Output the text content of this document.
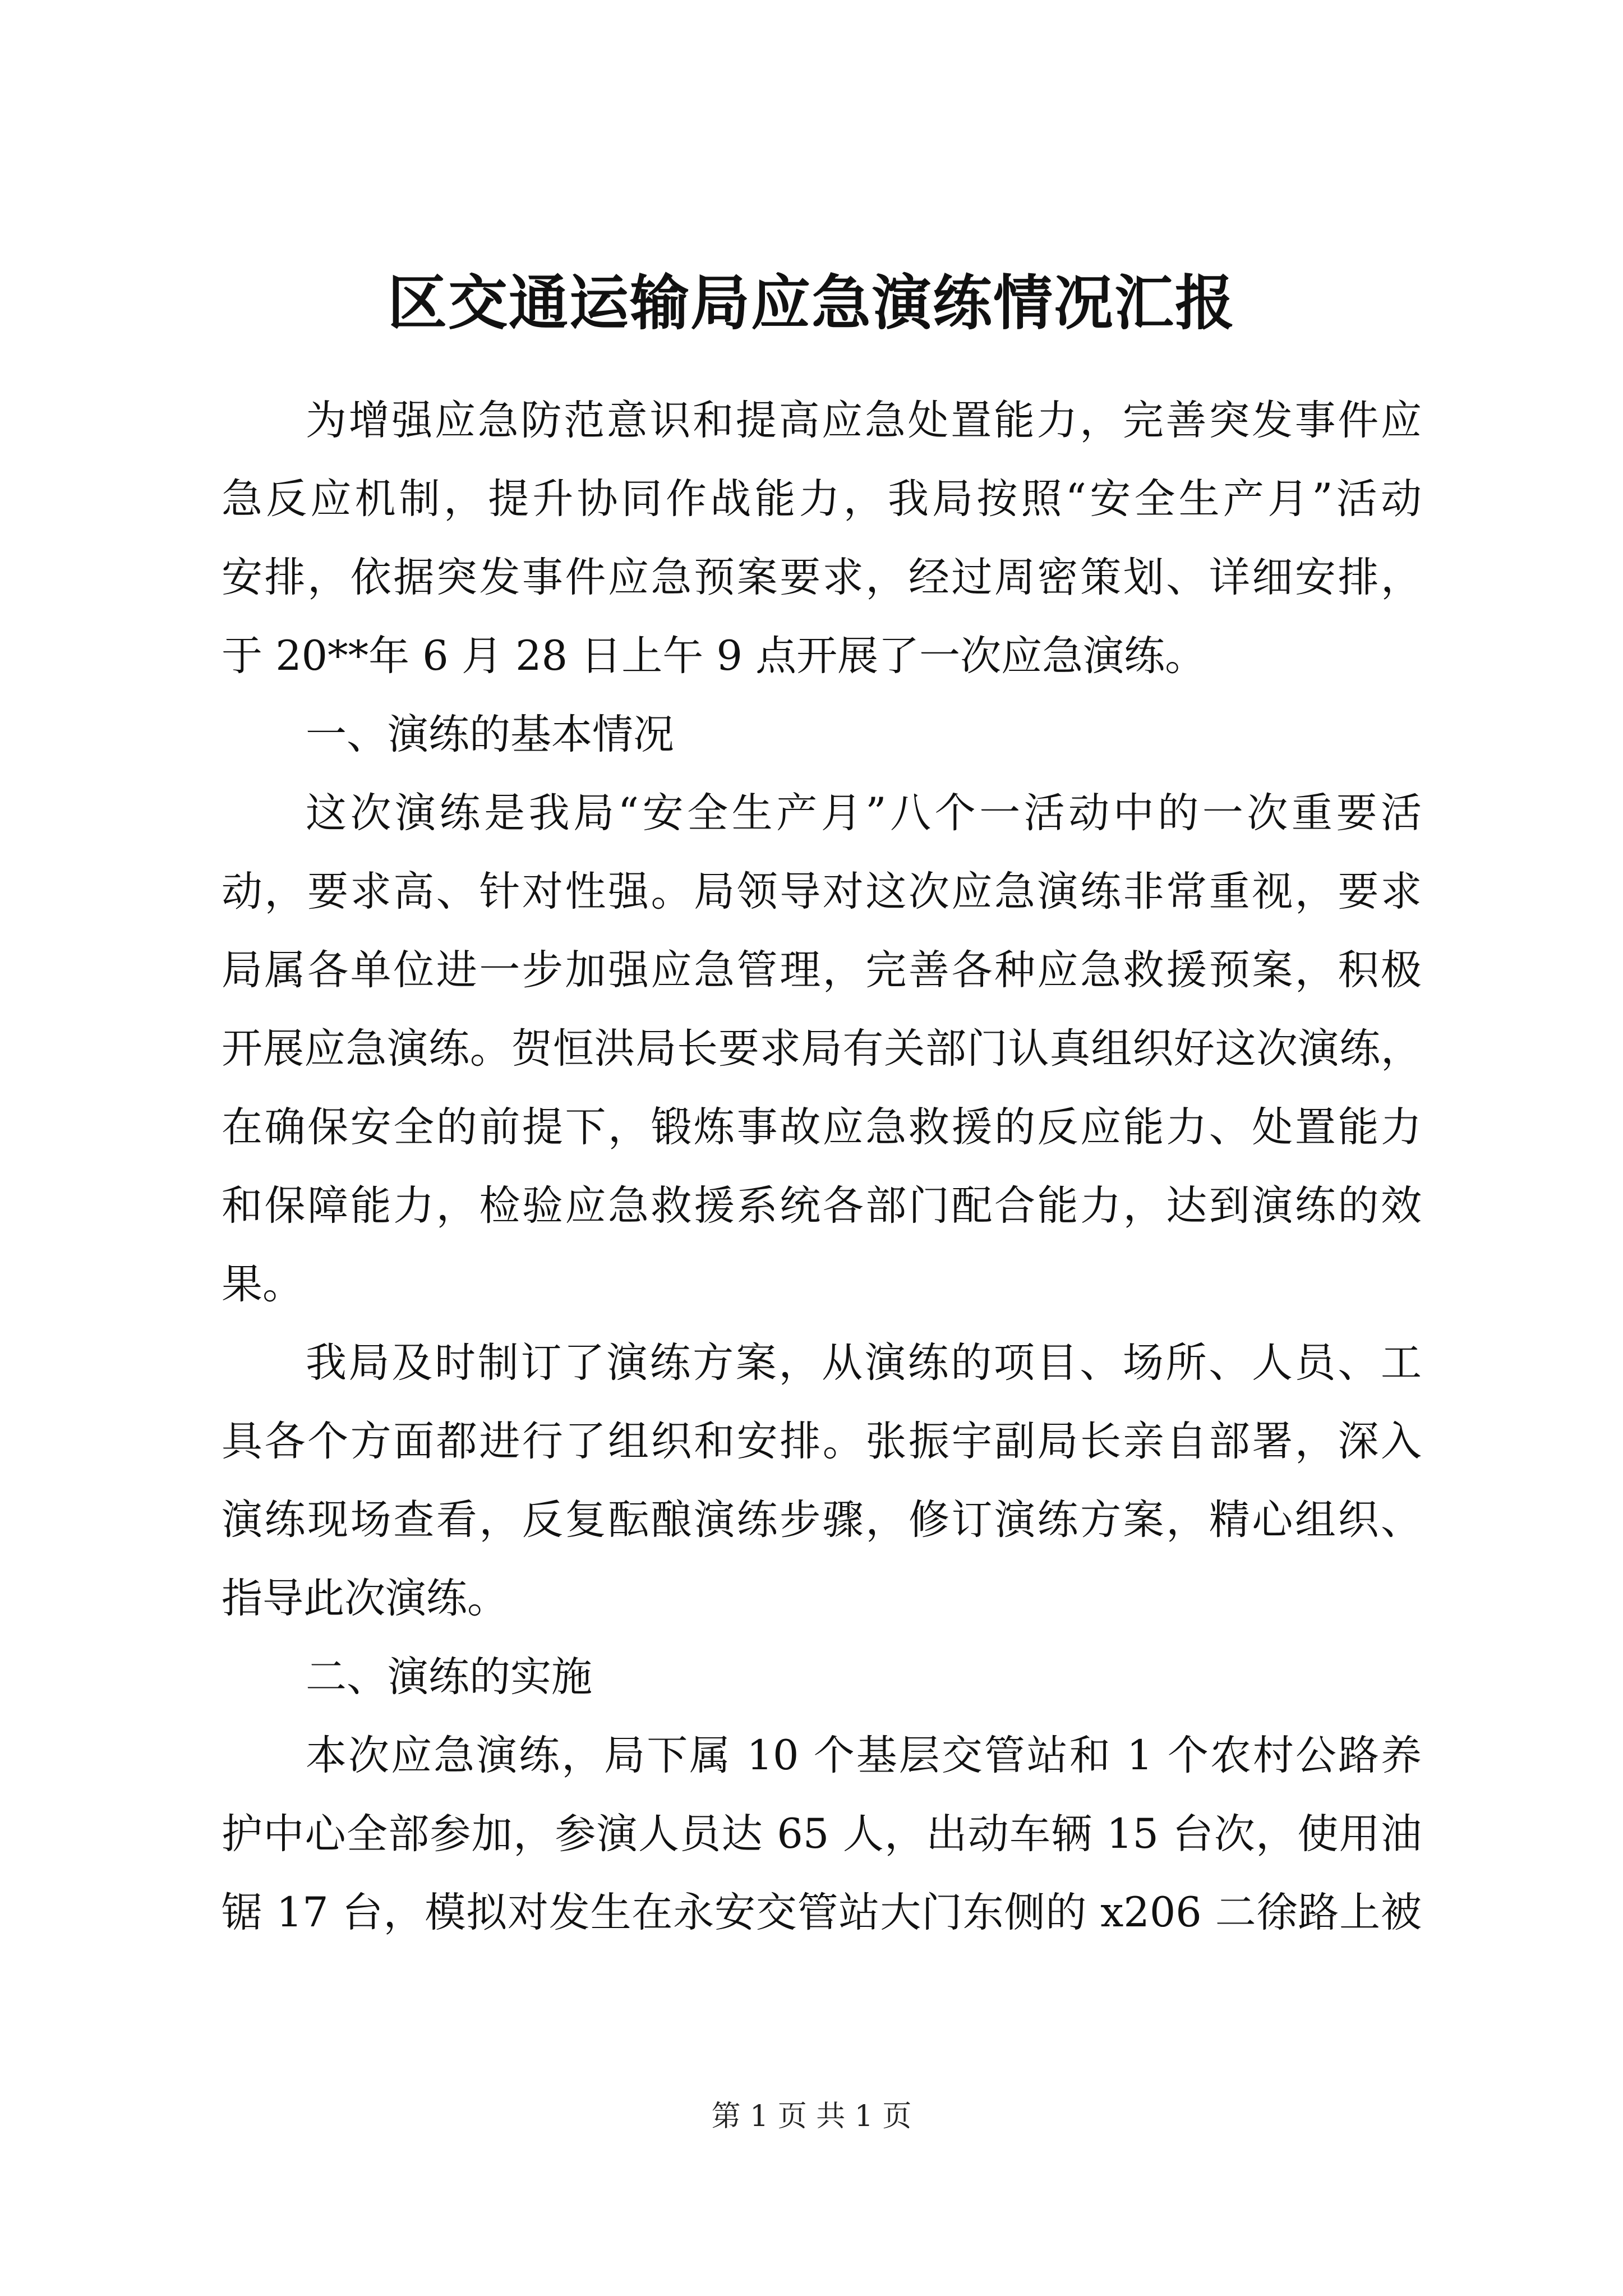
区交通运输局应急演练情况汇报
为增强应急防范意识和提高应急处置能力，完善突发事件应
急反应机制，提升协同作战能力，我局按照“安全生产月”活动
安排，依据突发事件应急预案要求，经过周密策划、详细安排，
于 20**年 6 月 28 日上午 9 点开展了一次应急演练。
一、演练的基本情况
这次演练是我局“安全生产月”八个一活动中的一次重要活
动，要求高、针对性强。局领导对这次应急演练非常重视，要求
局属各单位进一步加强应急管理，完善各种应急救援预案，积极
开展应急演练。贺恒洪局长要求局有关部门认真组织好这次演练，
在确保安全的前提下，锻炼事故应急救援的反应能力、处置能力
和保障能力，检验应急救援系统各部门配合能力，达到演练的效
果。
我局及时制订了演练方案，从演练的项目、场所、人员、工
具各个方面都进行了组织和安排。张振宇副局长亲自部署，深入
演练现场查看，反复酝酿演练步骤，修订演练方案，精心组织、
指导此次演练。
二、演练的实施
本次应急演练，局下属 10 个基层交管站和 1 个农村公路养
护中心全部参加，参演人员达 65 人，出动车辆 15 台次，使用油
锯 17 台，模拟对发生在永安交管站大门东侧的 x206 二徐路上被
第 1 页 共 1 页
